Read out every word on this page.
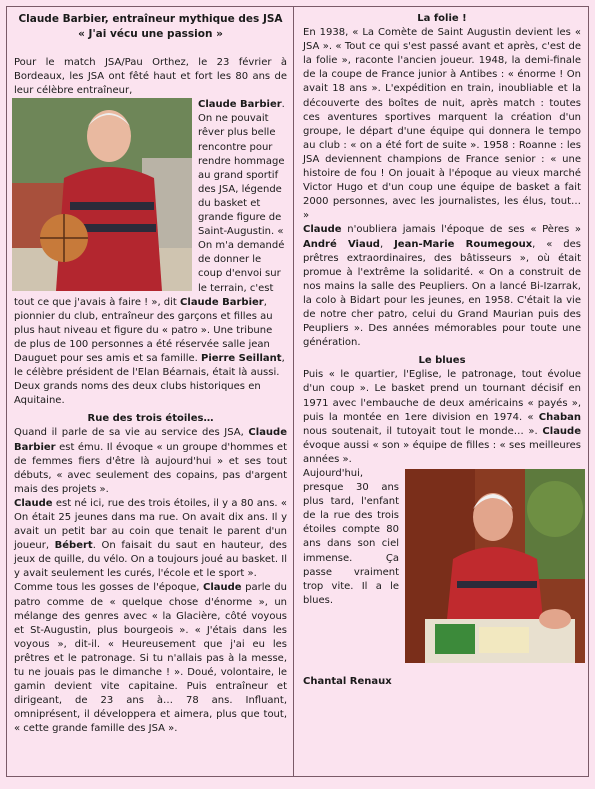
Claude Barbier, entraîneur mythique des JSA
« J'ai vécu une passion »

Pour le match JSA/Pau Orthez, le 23 février à Bordeaux, les JSA ont fêté haut et fort les 80 ans de leur célèbre entraîneur,

Claude Barbier. On ne pouvait rêver plus belle rencontre pour rendre hommage au grand sportif des JSA, légende du basket et grande figure de Saint-Augustin. « On m'a demandé de donner le coup d'envoi sur le terrain, c'est tout ce que j'avais à faire ! », dit Claude Barbier, pionnier du club, entraîneur des garçons et filles au plus haut niveau et figure du « patro ». Une tribune de plus de 100 personnes a été réservée salle jean Dauguet pour ses amis et sa famille. Pierre Seillant, le célèbre président de l'Elan Béarnais, était là aussi. Deux grands noms des deux clubs historiques en Aquitaine.

Rue des trois étoiles…

Quand il parle de sa vie au service des JSA, Claude Barbier est ému. Il évoque « un groupe d'hommes et de femmes fiers d'être là aujourd'hui » et ses tout débuts, « avec seulement des copains, pas d'argent mais des projets ».

Claude est né ici, rue des trois étoiles, il y a 80 ans. « On était 25 jeunes dans ma rue. On avait dix ans. Il y avait un petit bar au coin que tenait le parent d'un joueur, Bébert. On faisait du saut en hauteur, des jeux de quille, du vélo. On a toujours joué au basket. Il y avait seulement les curés, l'école et le sport ».

Comme tous les gosses de l'époque, Claude parle du patro comme de « quelque chose d'énorme », un mélange des genres avec « la Glacière, côté voyous et St-Augustin, plus bourgeois ». « J'étais dans les voyous », dit-il. « Heureusement que j'ai eu les prêtres et le patronage. Si tu n'allais pas à la messe, tu ne jouais pas le dimanche ! ». Doué, volontaire, le gamin devient vite capitaine. Puis entraîneur et dirigeant, de 23 ans à… 78 ans. Influant, omniprésent, il développera et aimera, plus que tout, « cette grande famille des JSA ».

La folie !

En 1938, « La Comète de Saint Augustin devient les « JSA ». « Tout ce qui s'est passé avant et après, c'est de la folie », raconte l'ancien joueur. 1948, la demi-finale de la coupe de France junior à Antibes : « énorme ! On avait 18 ans ». L'expédition en train, inoubliable et la découverte des boîtes de nuit, après match : toutes ces aventures sportives marquent la création d'un groupe, le départ d'une équipe qui donnera le tempo au club : « on a été fort de suite ». 1958 : Roanne : les JSA deviennent champions de France senior : « une histoire de fou ! On jouait à l'époque au vieux marché Victor Hugo et d'un coup une équipe de basket a fait 2000 personnes, avec les journalistes, les élus, tout… »

Claude n'oubliera jamais l'époque de ses « Pères » André Viaud, Jean-Marie Roumegoux, « des prêtres extraordinaires, des bâtisseurs », où était promue à l'extrême la solidarité. « On a construit de nos mains la salle des Peupliers. On a lancé Bi-Izarrak, la colo à Bidart pour les jeunes, en 1958. C'était la vie de notre cher patro, celui du Grand Maurian puis des Peupliers ». Des années mémorables pour toute une génération.

Le blues

Puis « le quartier, l'Eglise, le patronage, tout évolue d'un coup ». Le basket prend un tournant décisif en 1971 avec l'embauche de deux américains « payés », puis la montée en 1ere division en 1974. « Chaban nous soutenait, il tutoyait tout le monde… ». Claude évoque aussi « son » équipe de filles : « ses meilleures années ».

Aujourd'hui, presque 30 ans plus tard, l'enfant de la rue des trois étoiles compte 80 ans dans son ciel immense. Ça passe vraiment trop vite. Il a le blues.

Chantal Renaux
